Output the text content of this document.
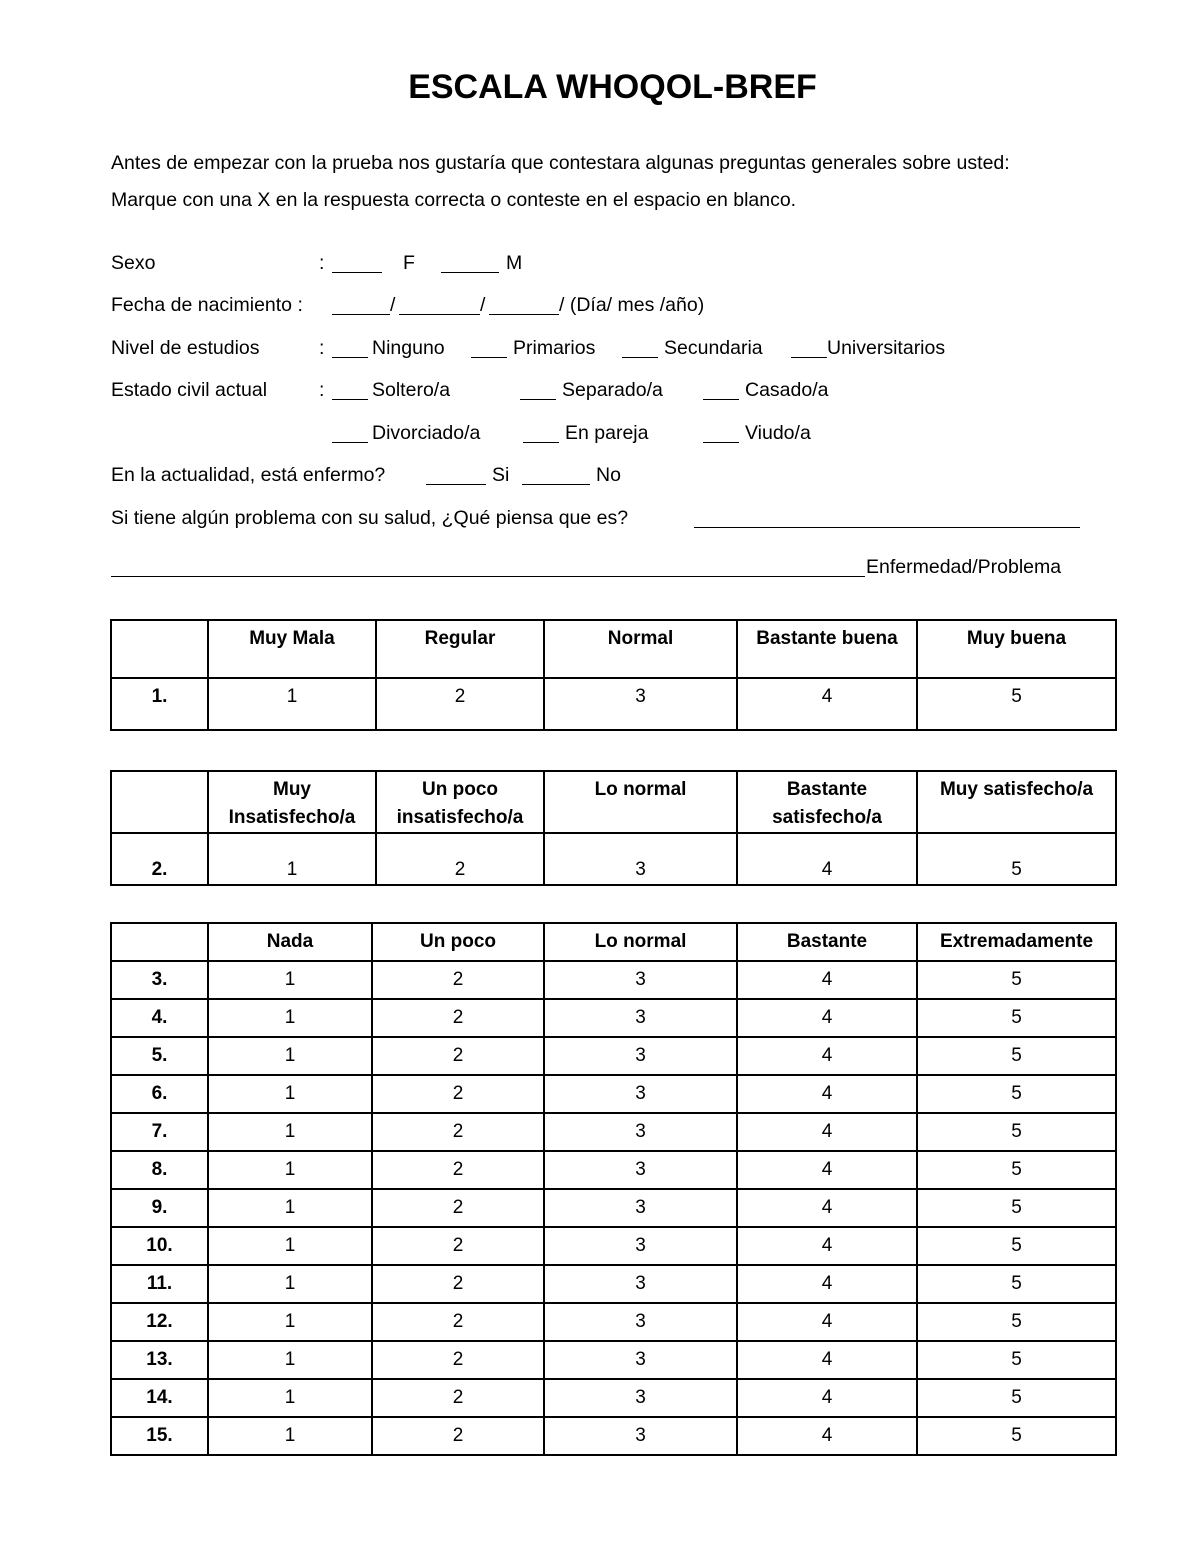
ESCALA WHOQOL-BREF
Antes de empezar con la prueba nos gustaría que contestara algunas preguntas generales sobre usted:
Marque con una X en la respuesta correcta o conteste en el espacio en blanco.
Sexo	:	F	M
Fecha de nacimiento :	/	/	/ (Día/ mes /año)
Nivel de estudios	: Ninguno	Primarios	Secundaria	Universitarios
Estado civil actual	: Soltero/a	Separado/a	Casado/a
Divorciado/a	En pareja	Viudo/a
En la actualidad, está enfermo?	Si	No
Si tiene algún problema con su salud, ¿Qué piensa que es?
Enfermedad/Problema
	Muy Mala	Regular	Normal	Bastante buena	Muy buena
1.	1	2	3	4	5
	Muy Insatisfecho/a	Un poco insatisfecho/a	Lo normal	Bastante satisfecho/a	Muy satisfecho/a
2.	1	2	3	4	5
	Nada	Un poco	Lo normal	Bastante	Extremadamente
3.	1	2	3	4	5
4.	1	2	3	4	5
5.	1	2	3	4	5
6.	1	2	3	4	5
7.	1	2	3	4	5
8.	1	2	3	4	5
9.	1	2	3	4	5
10.	1	2	3	4	5
11.	1	2	3	4	5
12.	1	2	3	4	5
13.	1	2	3	4	5
14.	1	2	3	4	5
15.	1	2	3	4	5
